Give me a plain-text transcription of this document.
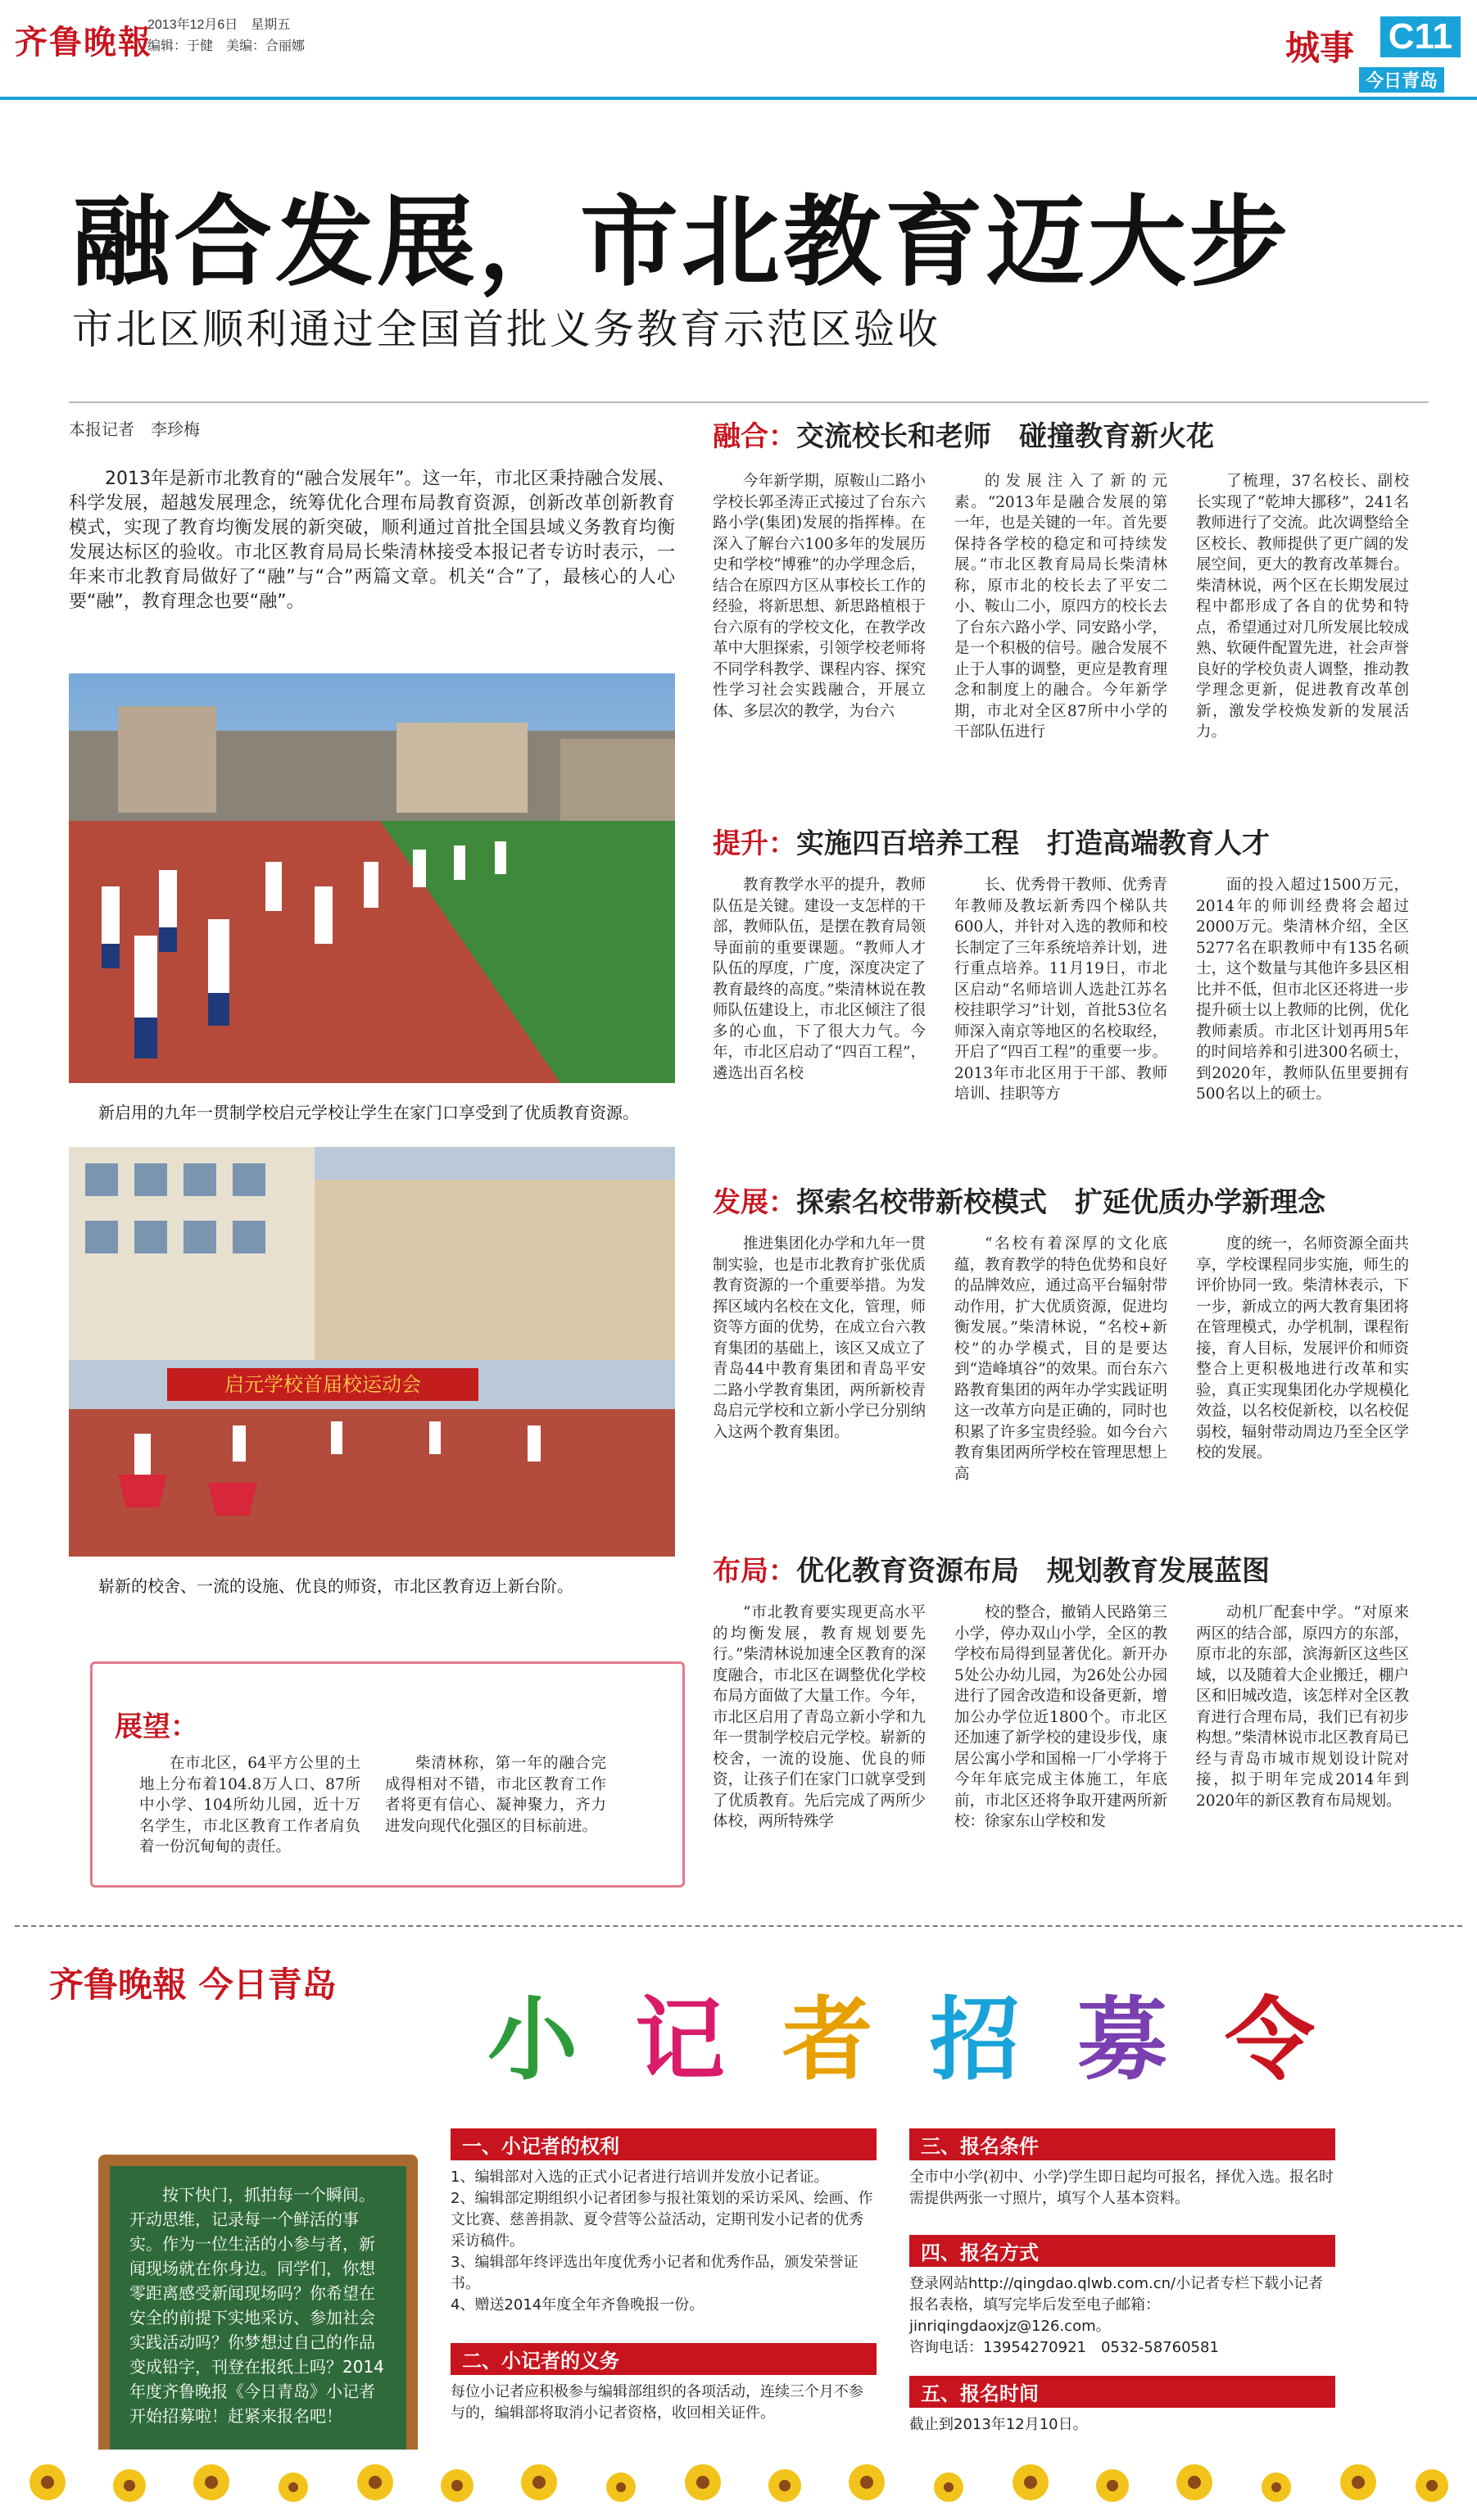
齐鲁晚報
2013年12月6日　星期五
编辑：于健　美编：合丽娜	城事 C11
今日青岛
融合发展，市北教育迈大步
市北区顺利通过全国首批义务教育示范区验收
本报记者　李珍梅
2013年是新市北教育的“融合发展年”。这一年，市北区秉持融合发展、科学发展，超越发展理念，统筹优化合理布局教育资源，创新改革创新教育模式，实现了教育均衡发展的新突破，顺利通过首批全国县域义务教育均衡发展达标区的验收。市北区教育局局长柴清林接受本报记者专访时表示，一年来市北教育局做好了“融”与“合”两篇文章。机关“合”了，最核心的人心要“融”，教育理念也要“融”。
新启用的九年一贯制学校启元学校让学生在家门口享受到了优质教育资源。
启元学校首届校运动会
崭新的校舍、一流的设施、优良的师资，市北区教育迈上新台阶。
融合：交流校长和老师　碰撞教育新火花
今年新学期，原鞍山二路小学校长郭圣涛正式接过了台东六路小学(集团)发展的指挥棒。在深入了解台六100多年的发展历史和学校“博雅”的办学理念后，结合在原四方区从事校长工作的经验，将新思想、新思路植根于台六原有的学校文化，在教学改革中大胆探索，引领学校老师将不同学科教学、课程内容、探究性学习社会实践融合，开展立体、多层次的教学，为台六
的发展注入了新的元素。“2013年是融合发展的第一年，也是关键的一年。首先要保持各学校的稳定和可持续发展。”市北区教育局局长柴清林称，原市北的校长去了平安二小、鞍山二小，原四方的校长去了台东六路小学、同安路小学，是一个积极的信号。融合发展不止于人事的调整，更应是教育理念和制度上的融合。今年新学期，市北对全区87所中小学的干部队伍进行
了梳理，37名校长、副校长实现了“乾坤大挪移”，241名教师进行了交流。此次调整给全区校长、教师提供了更广阔的发展空间，更大的教育改革舞台。柴清林说，两个区在长期发展过程中都形成了各自的优势和特点，希望通过对几所发展比较成熟、软硬件配置先进，社会声誉良好的学校负责人调整，推动教学理念更新，促进教育改革创新，激发学校焕发新的发展活力。
提升：实施四百培养工程　打造高端教育人才
教育教学水平的提升，教师队伍是关键。建设一支怎样的干部，教师队伍，是摆在教育局领导面前的重要课题。“教师人才队伍的厚度，广度，深度决定了教育最终的高度。”柴清林说在教师队伍建设上，市北区倾注了很多的心血，下了很大力气。今年，市北区启动了“四百工程”，遴选出百名校
长、优秀骨干教师、优秀青年教师及教坛新秀四个梯队共600人，并针对入选的教师和校长制定了三年系统培养计划，进行重点培养。11月19日，市北区启动“名师培训人选赴江苏名校挂职学习”计划，首批53位名师深入南京等地区的名校取经，开启了“四百工程”的重要一步。2013年市北区用于干部、教师培训、挂职等方
面的投入超过1500万元，2014年的师训经费将会超过2000万元。柴清林介绍，全区5277名在职教师中有135名硕士，这个数量与其他许多县区相比并不低，但市北区还将进一步提升硕士以上教师的比例，优化教师素质。市北区计划再用5年的时间培养和引进300名硕士，到2020年，教师队伍里要拥有500名以上的硕士。
发展：探索名校带新校模式　扩延优质办学新理念
推进集团化办学和九年一贯制实验，也是市北教育扩张优质教育资源的一个重要举措。为发挥区域内名校在文化，管理，师资等方面的优势，在成立台六教育集团的基础上，该区又成立了青岛44中教育集团和青岛平安二路小学教育集团，两所新校青岛启元学校和立新小学已分别纳入这两个教育集团。
“名校有着深厚的文化底蕴，教育教学的特色优势和良好的品牌效应，通过高平台辐射带动作用，扩大优质资源，促进均衡发展。”柴清林说，“名校+新校”的办学模式，目的是要达到“造峰填谷”的效果。而台东六路教育集团的两年办学实践证明这一改革方向是正确的，同时也积累了许多宝贵经验。如今台六教育集团两所学校在管理思想上高
度的统一，名师资源全面共享，学校课程同步实施，师生的评价协同一致。柴清林表示，下一步，新成立的两大教育集团将在管理模式，办学机制，课程衔接，育人目标，发展评价和师资整合上更积极地进行改革和实验，真正实现集团化办学规模化效益，以名校促新校，以名校促弱校，辐射带动周边乃至全区学校的发展。
布局：优化教育资源布局　规划教育发展蓝图
“市北教育要实现更高水平的均衡发展，教育规划要先行。”柴清林说加速全区教育的深度融合，市北区在调整优化学校布局方面做了大量工作。今年，市北区启用了青岛立新小学和九年一贯制学校启元学校。崭新的校舍，一流的设施、优良的师资，让孩子们在家门口就享受到了优质教育。先后完成了两所少体校，两所特殊学
校的整合，撤销人民路第三小学，停办双山小学，全区的教学校布局得到显著优化。新开办5处公办幼儿园，为26处公办园进行了园舍改造和设备更新，增加公办学位近1800个。市北区还加速了新学校的建设步伐，康居公寓小学和国棉一厂小学将于今年年底完成主体施工，年底前，市北区还将争取开建两所新校：徐家东山学校和发
动机厂配套中学。“对原来两区的结合部，原四方的东部，原市北的东部，滨海新区这些区域，以及随着大企业搬迁，棚户区和旧城改造，该怎样对全区教育进行合理布局，我们已有初步构想。”柴清林说市北区教育局已经与青岛市城市规划设计院对接，拟于明年完成2014年到2020年的新区教育布局规划。
展望：
在市北区，64平方公里的土地上分布着104.8万人口、87所中小学、104所幼儿园，近十万名学生，市北区教育工作者肩负着一份沉甸甸的责任。
柴清林称，第一年的融合完成得相对不错，市北区教育工作者将更有信心、凝神聚力，齐力进发向现代化强区的目标前进。
齐鲁晚報 今日青岛
小 记 者 招 募 令
按下快门，抓拍每一个瞬间。开动思维，记录每一个鲜活的事实。作为一位生活的小参与者，新闻现场就在你身边。同学们，你想零距离感受新闻现场吗？你希望在安全的前提下实地采访、参加社会实践活动吗？你梦想过自己的作品变成铅字，刊登在报纸上吗？2014年度齐鲁晚报《今日青岛》小记者开始招募啦！赶紧来报名吧！
一、小记者的权利
1、编辑部对入选的正式小记者进行培训并发放小记者证。
2、编辑部定期组织小记者团参与报社策划的采访采风、绘画、作文比赛、慈善捐款、夏令营等公益活动，定期刊发小记者的优秀采访稿件。
3、编辑部年终评选出年度优秀小记者和优秀作品，颁发荣誉证书。
4、赠送2014年度全年齐鲁晚报一份。
二、小记者的义务
每位小记者应积极参与编辑部组织的各项活动，连续三个月不参与的，编辑部将取消小记者资格，收回相关证件。
三、报名条件
全市中小学(初中、小学)学生即日起均可报名，择优入选。报名时需提供两张一寸照片，填写个人基本资料。
四、报名方式
登录网站http://qingdao.qlwb.com.cn/小记者专栏下载小记者报名表格，填写完毕后发至电子邮箱：jinriqingdaoxjz@126.com。
咨询电话：13954270921　0532-58760581
五、报名时间
截止到2013年12月10日。
